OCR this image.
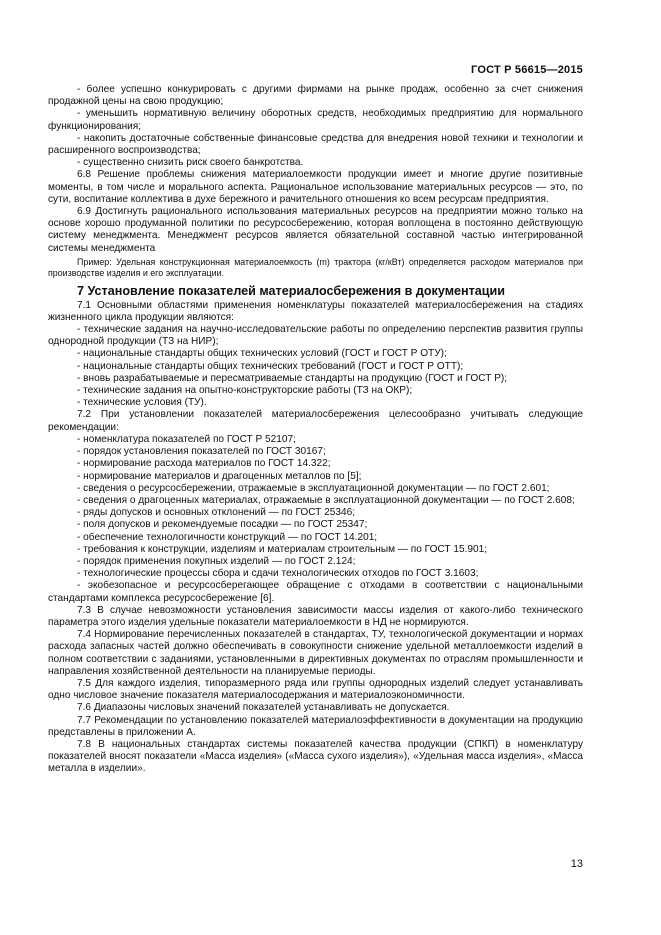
ГОСТ Р 56615—2015

- более успешно конкурировать с другими фирмами на рынке продаж, особенно за счет снижения продажной цены на свою продукцию;

- уменьшить нормативную величину оборотных средств, необходимых предприятию для нормального функционирования;

- накопить достаточные собственные финансовые средства для внедрения новой техники и технологии и расширенного воспроизводства;

- существенно снизить риск своего банкротства.

6.8 Решение проблемы снижения материалоемкости продукции имеет и многие другие позитивные моменты, в том числе и морального аспекта. Рациональное использование материальных ресурсов — это, по сути, воспитание коллектива в духе бережного и рачительного отношения ко всем ресурсам предприятия.

6.9 Достигнуть рационального использования материальных ресурсов на предприятии можно только на основе хорошо продуманной политики по ресурсосбережению, которая воплощена в постоянно действующую систему менеджмента. Менеджмент ресурсов является обязательной составной частью интегрированной системы менеджмента

Пример: Удельная конструкционная материалоемкость (m) трактора (кг/кВт) определяется расходом материалов при производстве изделия и его эксплуатации.

7 Установление показателей материалосбережения в документации

7.1 Основными областями применения номенклатуры показателей материалосбережения на стадиях жизненного цикла продукции являются:

- технические задания на научно-исследовательские работы по определению перспектив развития группы однородной продукции (ТЗ на НИР);

- национальные стандарты общих технических условий (ГОСТ и ГОСТ Р ОТУ);

- национальные стандарты общих технических требований (ГОСТ и ГОСТ Р ОТТ);

- вновь разрабатываемые и пересматриваемые стандарты на продукцию (ГОСТ и ГОСТ Р);

- технические задания на опытно-конструкторские работы (ТЗ на ОКР);

- технические условия (ТУ).

7.2 При установлении показателей материалосбережения целесообразно учитывать следующие рекомендации:

- номенклатура показателей по ГОСТ Р 52107;

- порядок установления показателей по ГОСТ 30167;

- нормирование расхода материалов по ГОСТ 14.322;

- нормирование материалов и драгоценных металлов по [5];

- сведения о ресурсосбережении, отражаемые в эксплуатационной документации — по ГОСТ 2.601;

- сведения о драгоценных материалах, отражаемые в эксплуатационной документации — по ГОСТ 2.608;

- ряды допусков и основных отклонений — по ГОСТ 25346;

- поля допусков и рекомендуемые посадки — по ГОСТ 25347;

- обеспечение технологичности конструкций — по ГОСТ 14.201;

- требования к конструкции, изделиям и материалам строительным — по ГОСТ 15.901;

- порядок применения покупных изделий — по ГОСТ 2.124;

- технологические процессы сбора и сдачи технологических отходов по ГОСТ 3.1603;

- экобезопасное и ресурсосберегающее обращение с отходами в соответствии с национальными стандартами комплекса ресурсосбережение [6].

7.3 В случае невозможности установления зависимости массы изделия от какого-либо технического параметра этого изделия удельные показатели материалоемкости в НД не нормируются.

7.4 Нормирование перечисленных показателей в стандартах, ТУ, технологической документации и нормах расхода запасных частей должно обеспечивать в совокупности снижение удельной металлоемкости изделий в полном соответствии с заданиями, установленными в директивных документах по отраслям промышленности и направления хозяйственной деятельности на планируемые периоды.

7.5 Для каждого изделия, типоразмерного ряда или группы однородных изделий следует устанавливать одно числовое значение показателя материалосодержания и материалоэкономичности.

7.6 Диапазоны числовых значений показателей устанавливать не допускается.

7.7 Рекомендации по установлению показателей материалоэффективности в документации на продукцию представлены в приложении А.

7.8 В национальных стандартах системы показателей качества продукции (СПКП) в номенклатуру показателей вносят показатели «Масса изделия» («Масса сухого изделия»), «Удельная масса изделия», «Масса металла в изделии».

13
